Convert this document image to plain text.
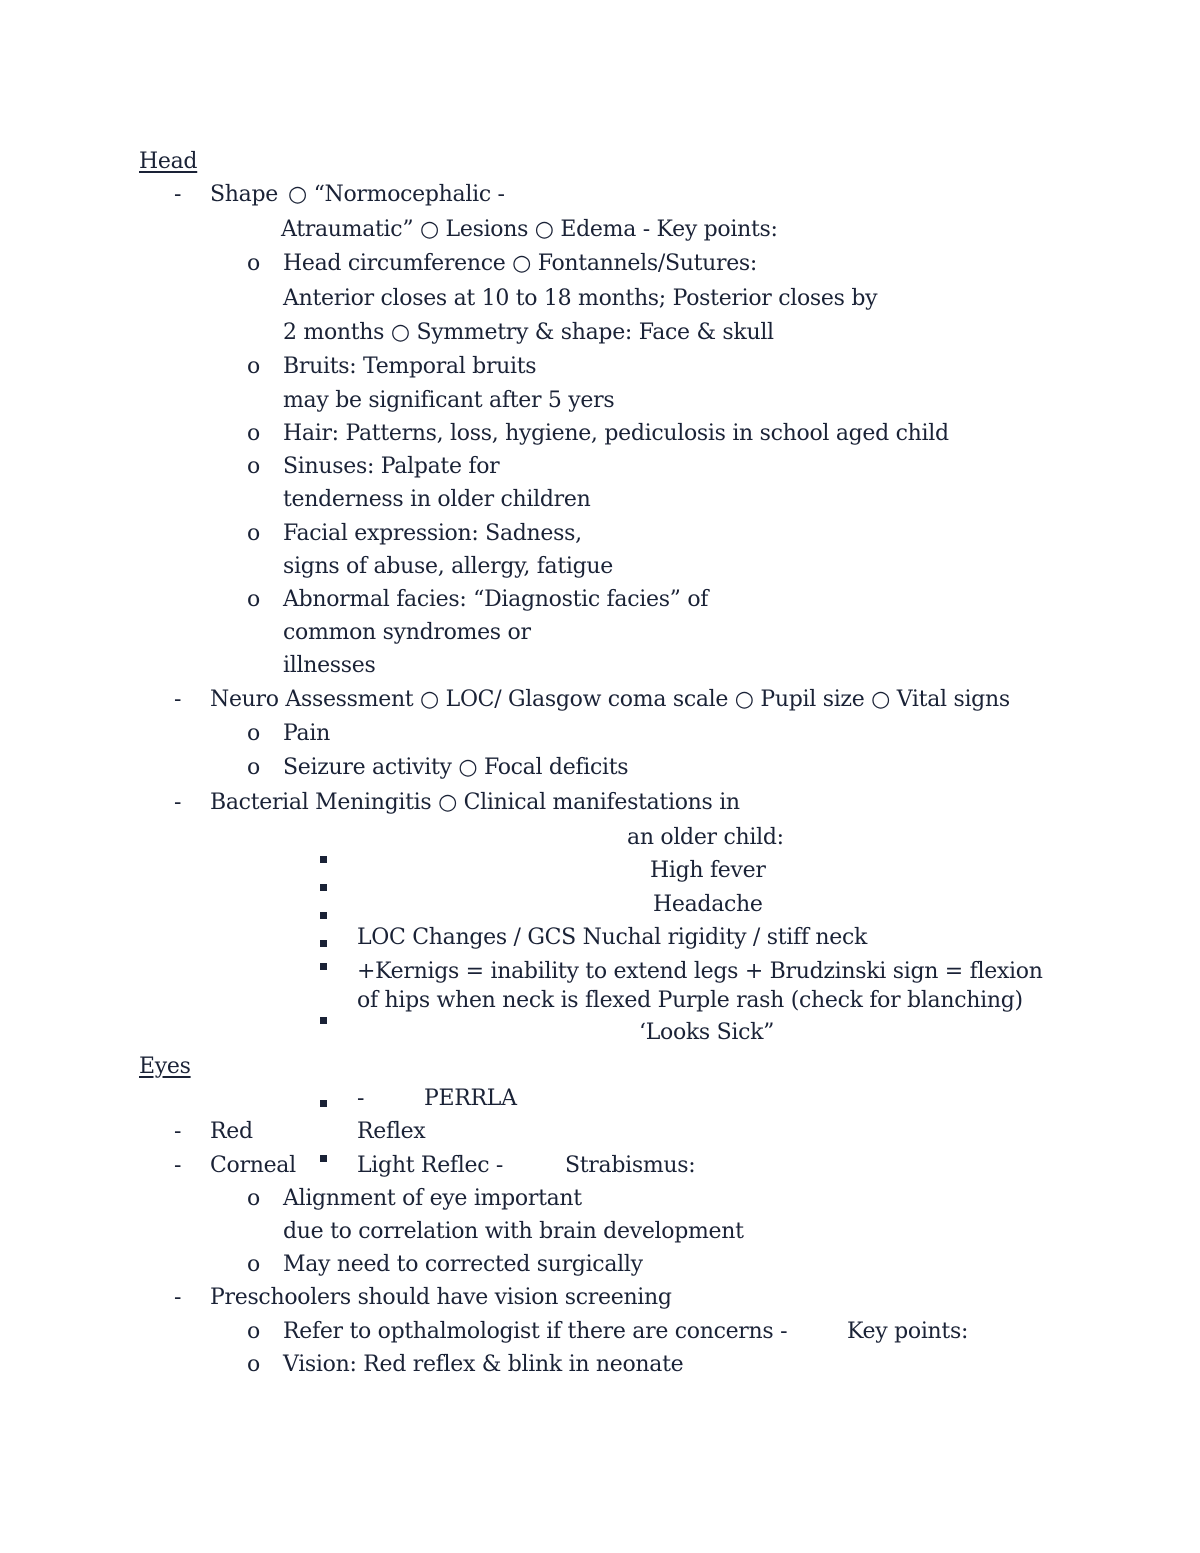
Head
- Shape ○ “Normocephalic -
Atraumatic” ○ Lesions ○ Edema - Key points:
o Head circumference ○ Fontannels/Sutures:
Anterior closes at 10 to 18 months; Posterior closes by
2 months ○ Symmetry & shape: Face & skull
o Bruits: Temporal bruits
may be significant after 5 yers
o Hair: Patterns, loss, hygiene, pediculosis in school aged child
o Sinuses: Palpate for
tenderness in older children
o Facial expression: Sadness,
signs of abuse, allergy, fatigue
o Abnormal facies: “Diagnostic facies” of
common syndromes or
illnesses
- Neuro Assessment ○ LOC/ Glasgow coma scale ○ Pupil size ○ Vital signs
o Pain
o Seizure activity ○ Focal deficits
- Bacterial Meningitis ○ Clinical manifestations in
an older child:
High fever
Headache
LOC Changes / GCS Nuchal rigidity / stiff neck
+Kernigs = inability to extend legs + Brudzinski sign = flexion
of hips when neck is flexed Purple rash (check for blanching)
‘Looks Sick”
Eyes
-	PERRLA
- Red	Reflex
- Corneal	Light Reflec -	Strabismus:
o Alignment of eye important
due to correlation with brain development
o May need to corrected surgically
- Preschoolers should have vision screening
o Refer to opthalmologist if there are concerns -	Key points:
o Vision: Red reflex & blink in neonate
